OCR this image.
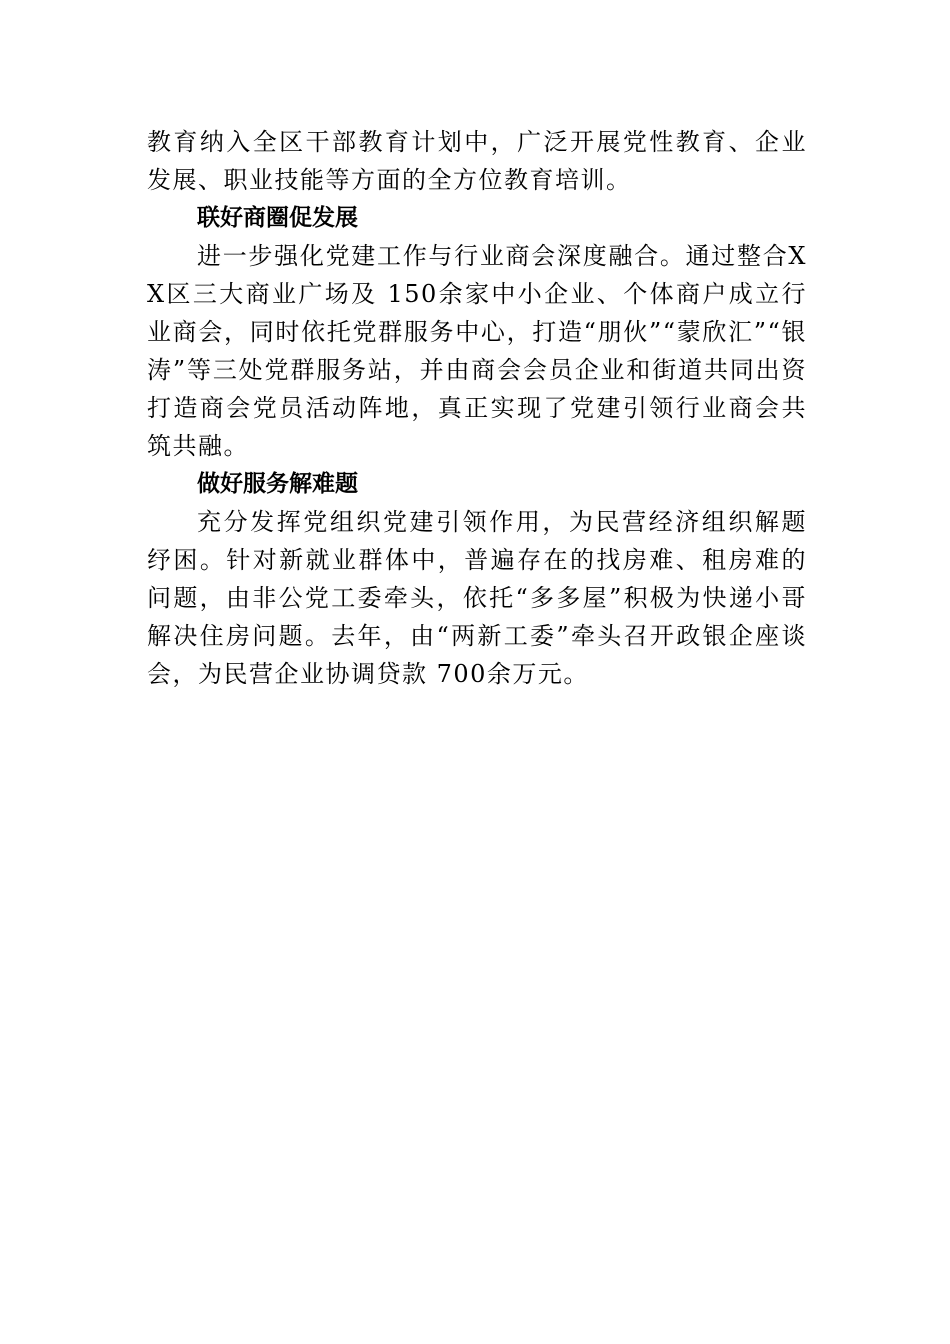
教育纳入全区干部教育计划中，广泛开展党性教育、企业发展、职业技能等方面的全方位教育培训。

联好商圈促发展

进一步强化党建工作与行业商会深度融合。通过整合XX区三大商业广场及 150余家中小企业、个体商户成立行业商会，同时依托党群服务中心，打造“朋伙”“蒙欣汇”“银涛”等三处党群服务站，并由商会会员企业和街道共同出资打造商会党员活动阵地，真正实现了党建引领行业商会共筑共融。

做好服务解难题

充分发挥党组织党建引领作用，为民营经济组织解题纾困。针对新就业群体中，普遍存在的找房难、租房难的问题，由非公党工委牵头，依托“多多屋”积极为快递小哥解决住房问题。去年，由“两新工委”牵头召开政银企座谈会，为民营企业协调贷款 700余万元。
